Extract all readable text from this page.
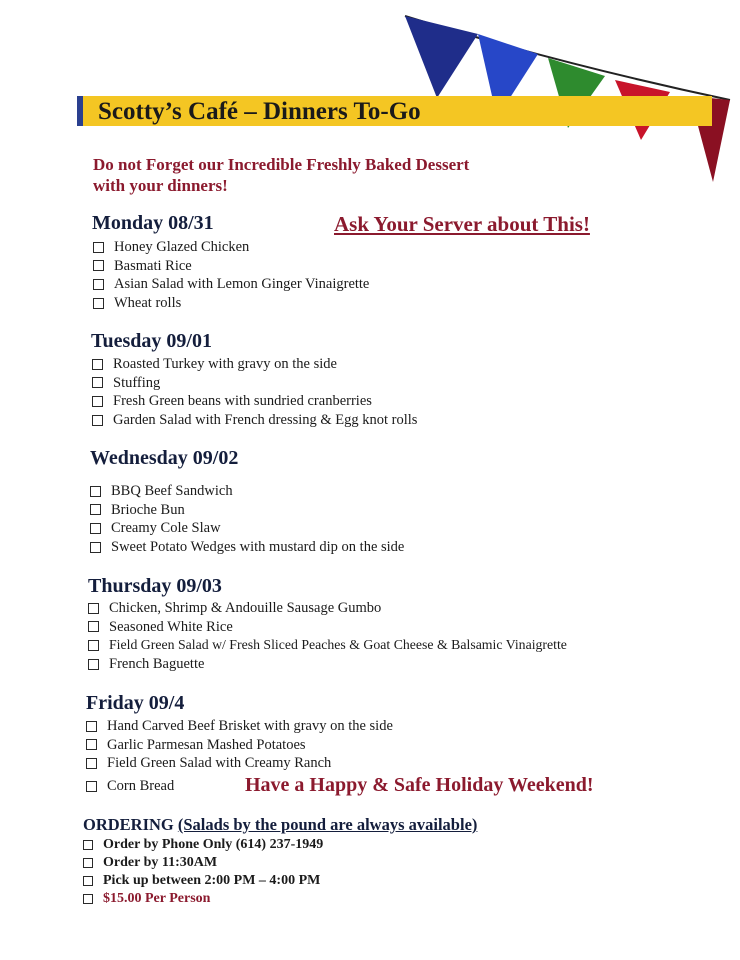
Scotty’s Café – Dinners To-Go
Do not Forget our Incredible Freshly Baked Dessert with your dinners!
Ask Your Server about This!
Monday 08/31
Honey Glazed Chicken
Basmati Rice
Asian Salad with Lemon Ginger Vinaigrette
Wheat rolls
Tuesday 09/01
Roasted Turkey with gravy on the side
Stuffing
Fresh Green beans with sundried cranberries
Garden Salad with French dressing & Egg knot rolls
Wednesday 09/02
BBQ Beef Sandwich
Brioche Bun
Creamy Cole Slaw
Sweet Potato Wedges with mustard dip on the side
Thursday 09/03
Chicken, Shrimp & Andouille Sausage Gumbo
Seasoned White Rice
Field Green Salad w/ Fresh Sliced Peaches & Goat Cheese & Balsamic Vinaigrette
French Baguette
Friday 09/4
Hand Carved Beef Brisket with gravy on the side
Garlic Parmesan Mashed Potatoes
Field Green Salad with Creamy Ranch
Corn Bread	Have a Happy & Safe Holiday Weekend!
ORDERING (Salads by the pound are always available)
Order by Phone Only (614) 237-1949
Order by 11:30AM
Pick up between 2:00 PM – 4:00 PM
$15.00 Per Person
